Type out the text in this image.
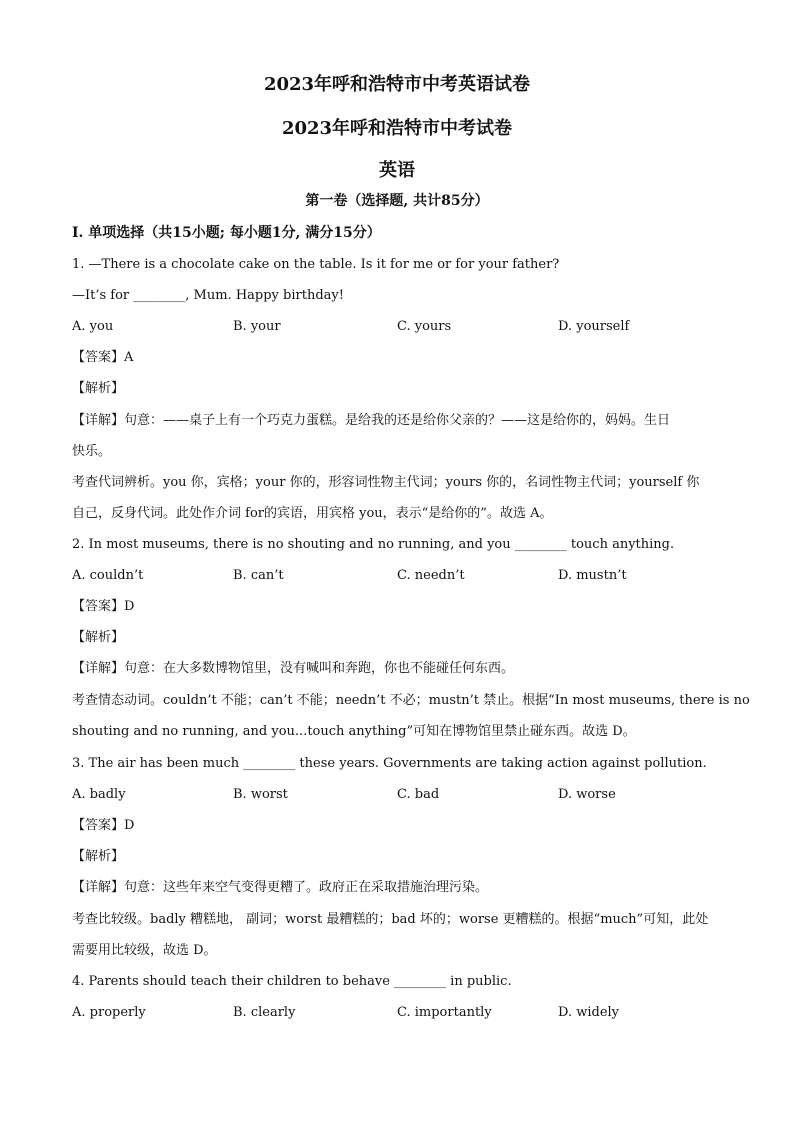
2023年呼和浩特市中考英语试卷
2023年呼和浩特市中考试卷
英语
第一卷（选择题, 共计85分）
I. 单项选择（共15小题; 每小题1分, 满分15分）
1. —There is a chocolate cake on the table. Is it for me or for your father?
—It’s for ________, Mum. Happy birthday!
A. you	B. your	C. yours	D. yourself
【答案】A
【解析】
【详解】句意：——桌子上有一个巧克力蛋糕。是给我的还是给你父亲的？——这是给你的，妈妈。生日
快乐。
考查代词辨析。you 你，宾格；your 你的，形容词性物主代词；yours 你的，名词性物主代词；yourself 你
自己，反身代词。此处作介词 for的宾语，用宾格 you，表示“是给你的”。故选 A。
2. In most museums, there is no shouting and no running, and you ________ touch anything.
A. couldn’t	B. can’t	C. needn’t	D. mustn’t
【答案】D
【解析】
【详解】句意：在大多数博物馆里，没有喊叫和奔跑，你也不能碰任何东西。
考查情态动词。couldn’t 不能；can’t 不能；needn’t 不必；mustn’t 禁止。根据“In most museums, there is no
shouting and no running, and you...touch anything”可知在博物馆里禁止碰东西。故选 D。
3. The air has been much ________ these years. Governments are taking action against pollution.
A. badly	B. worst	C. bad	D. worse
【答案】D
【解析】
【详解】句意：这些年来空气变得更糟了。政府正在采取措施治理污染。
考查比较级。badly 糟糕地， 副词；worst 最糟糕的；bad 坏的；worse 更糟糕的。根据“much”可知，此处
需要用比较级，故选 D。
4. Parents should teach their children to behave ________ in public.
A. properly	B. clearly	C. importantly	D. widely
